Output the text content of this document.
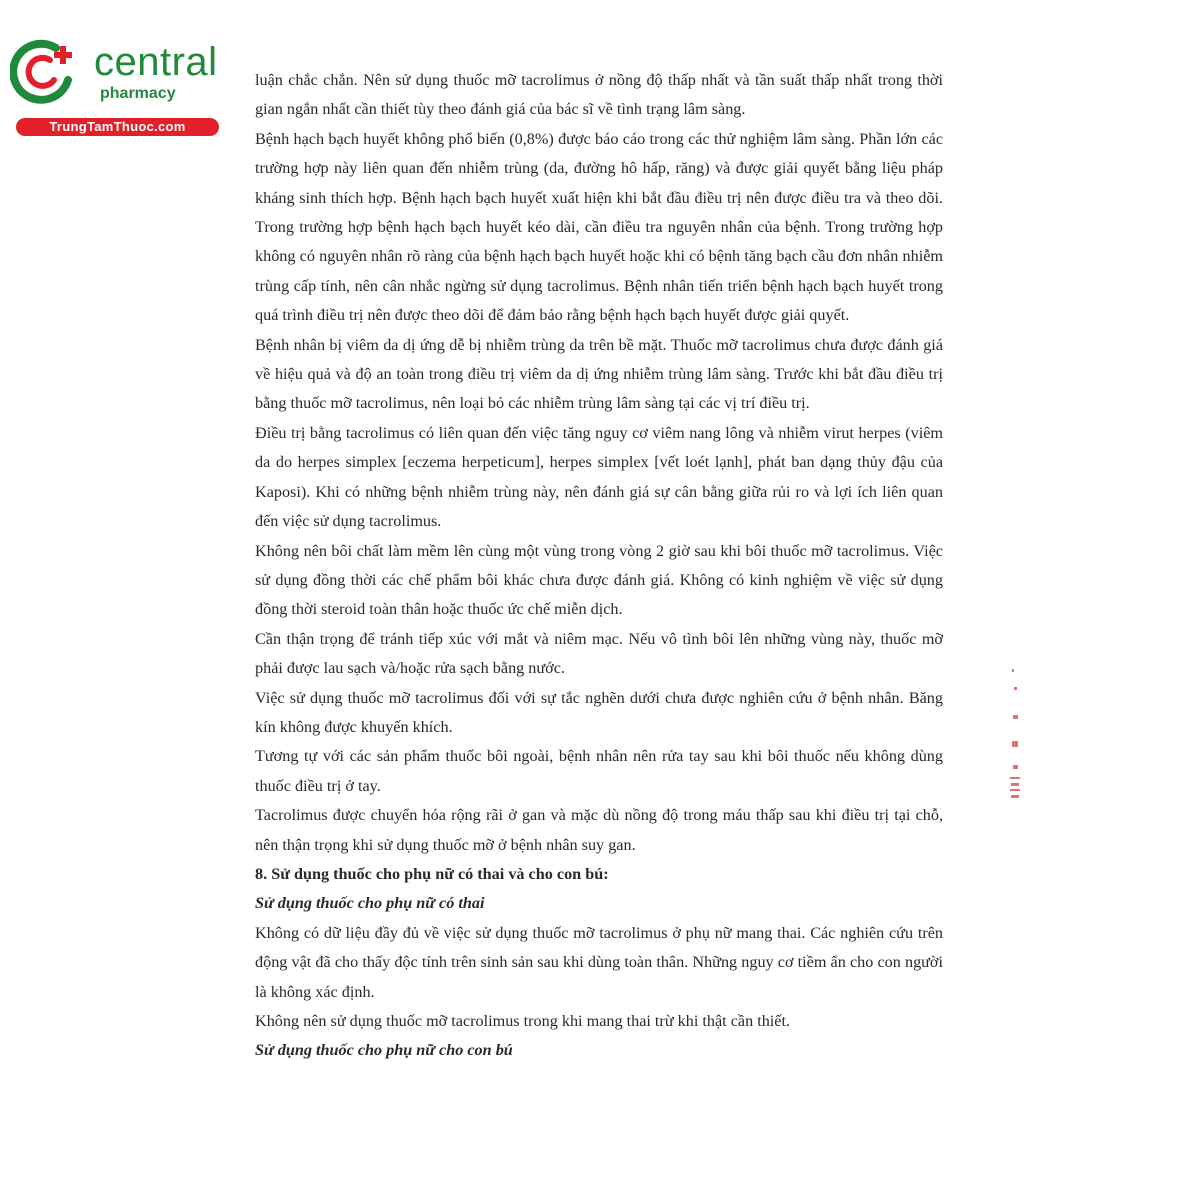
central
pharmacy
TrungTamThuoc.com

luận chắc chắn. Nên sử dụng thuốc mỡ tacrolimus ở nồng độ thấp nhất và tần suất thấp nhất trong thời gian ngắn nhất cần thiết tùy theo đánh giá của bác sĩ về tình trạng lâm sàng.

Bệnh hạch bạch huyết không phổ biến (0,8%) được báo cáo trong các thử nghiệm lâm sàng. Phần lớn các trường hợp này liên quan đến nhiễm trùng (da, đường hô hấp, răng) và được giải quyết bằng liệu pháp kháng sinh thích hợp. Bệnh hạch bạch huyết xuất hiện khi bắt đầu điều trị nên được điều tra và theo dõi. Trong trường hợp bệnh hạch bạch huyết kéo dài, cần điều tra nguyên nhân của bệnh. Trong trường hợp không có nguyên nhân rõ ràng của bệnh hạch bạch huyết hoặc khi có bệnh tăng bạch cầu đơn nhân nhiễm trùng cấp tính, nên cân nhắc ngừng sử dụng tacrolimus. Bệnh nhân tiến triển bệnh hạch bạch huyết trong quá trình điều trị nên được theo dõi để đảm bảo rằng bệnh hạch bạch huyết được giải quyết.

Bệnh nhân bị viêm da dị ứng dễ bị nhiễm trùng da trên bề mặt. Thuốc mỡ tacrolimus chưa được đánh giá về hiệu quả và độ an toàn trong điều trị viêm da dị ứng nhiễm trùng lâm sàng. Trước khi bắt đầu điều trị bằng thuốc mỡ tacrolimus, nên loại bỏ các nhiễm trùng lâm sàng tại các vị trí điều trị.

Điều trị bằng tacrolimus có liên quan đến việc tăng nguy cơ viêm nang lông và nhiễm virut herpes (viêm da do herpes simplex [eczema herpeticum], herpes simplex [vết loét lạnh], phát ban dạng thủy đậu của Kaposi). Khi có những bệnh nhiễm trùng này, nên đánh giá sự cân bằng giữa rủi ro và lợi ích liên quan đến việc sử dụng tacrolimus.

Không nên bôi chất làm mềm lên cùng một vùng trong vòng 2 giờ sau khi bôi thuốc mỡ tacrolimus. Việc sử dụng đồng thời các chế phẩm bôi khác chưa được đánh giá. Không có kinh nghiệm về việc sử dụng đồng thời steroid toàn thân hoặc thuốc ức chế miễn dịch.

Cần thận trọng để tránh tiếp xúc với mắt và niêm mạc. Nếu vô tình bôi lên những vùng này, thuốc mỡ phải được lau sạch và/hoặc rửa sạch bằng nước.

Việc sử dụng thuốc mỡ tacrolimus đối với sự tắc nghẽn dưới chưa được nghiên cứu ở bệnh nhân. Băng kín không được khuyến khích.

Tương tự với các sản phẩm thuốc bôi ngoài, bệnh nhân nên rửa tay sau khi bôi thuốc nếu không dùng thuốc điều trị ở tay.

Tacrolimus được chuyển hóa rộng rãi ở gan và mặc dù nồng độ trong máu thấp sau khi điều trị tại chỗ, nên thận trọng khi sử dụng thuốc mỡ ở bệnh nhân suy gan.

8. Sử dụng thuốc cho phụ nữ có thai và cho con bú:

Sử dụng thuốc cho phụ nữ có thai

Không có dữ liệu đầy đủ về việc sử dụng thuốc mỡ tacrolimus ở phụ nữ mang thai. Các nghiên cứu trên động vật đã cho thấy độc tính trên sinh sản sau khi dùng toàn thân. Những nguy cơ tiềm ẩn cho con người là không xác định.

Không nên sử dụng thuốc mỡ tacrolimus trong khi mang thai trừ khi thật cần thiết.

Sử dụng thuốc cho phụ nữ cho con bú
